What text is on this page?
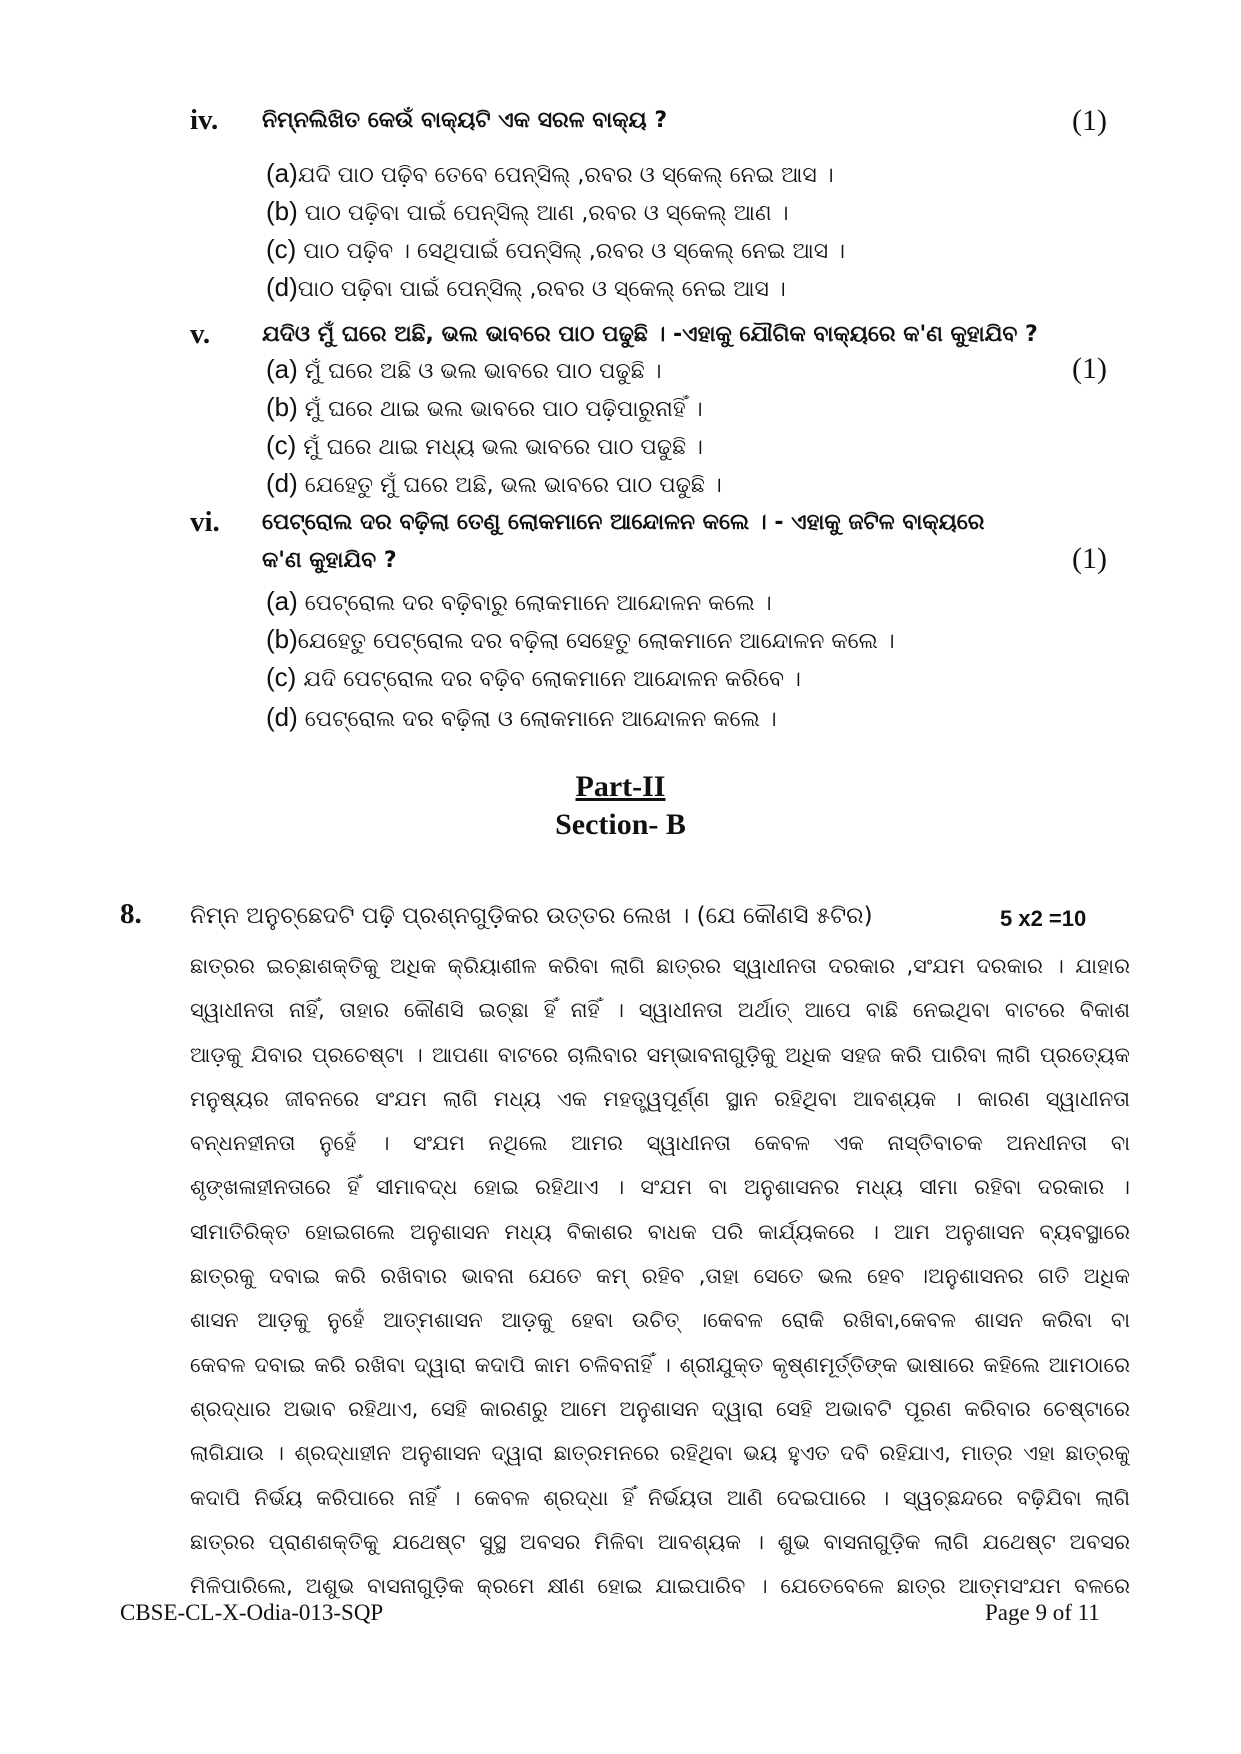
iv. ନିମ୍ନଲିଖିତ କେଉଁ ବାକ୍ୟଟି ଏକ ସରଳ ବାକ୍ୟ ?	(1)
(a)ଯଦି ପାଠ ପଢ଼ିବ ତେବେ ପେନ୍ସିଲ୍ ,ରବର ଓ ସ୍କେଲ୍ ନେଇ ଆସ ।
(b) ପାଠ ପଢ଼ିବା ପାଇଁ ପେନ୍ସିଲ୍ ଆଣ ,ରବର ଓ ସ୍କେଲ୍ ଆଣ ।
(c) ପାଠ ପଢ଼ିବ । ସେଥିପାଇଁ ପେନ୍ସିଲ୍ ,ରବର ଓ ସ୍କେଲ୍ ନେଇ ଆସ ।
(d)ପାଠ ପଢ଼ିବା ପାଇଁ ପେନ୍ସିଲ୍ ,ରବର ଓ ସ୍କେଲ୍ ନେଇ ଆସ ।
v. ଯଦିଓ ମୁଁ ଘରେ ଅଛି, ଭଲ ଭାବରେ ପାଠ ପଢୁଛି । -ଏହାକୁ ଯୌଗିକ ବାକ୍ୟରେ କ'ଣ କୁହାଯିବ ?
(1)
(a) ମୁଁ ଘରେ ଅଛି ଓ ଭଲ ଭାବରେ ପାଠ ପଢୁଛି ।
(b) ମୁଁ ଘରେ ଥାଇ ଭଲ ଭାବରେ ପାଠ ପଢ଼ିପାରୁନାହିଁ ।
(c) ମୁଁ ଘରେ ଥାଇ ମଧ୍ୟ ଭଲ ଭାବରେ ପାଠ ପଢୁଛି ।
(d) ଯେହେତୁ ମୁଁ ଘରେ ଅଛି, ଭଲ ଭାବରେ ପାଠ ପଢୁଛି ।
vi. ପେଟ୍ରୋଲ ଦର ବଢ଼ିଲା ତେଣୁ ଲୋକମାନେ ଆନ୍ଦୋଳନ କଲେ । - ଏହାକୁ ଜଟିଳ ବାକ୍ୟରେ
କ'ଣ କୁହାଯିବ ?	(1)
(a) ପେଟ୍ରୋଲ ଦର ବଢ଼ିବାରୁ ଲୋକମାନେ ଆନ୍ଦୋଳନ କଲେ ।
(b)ଯେହେତୁ ପେଟ୍ରୋଲ ଦର ବଢ଼ିଲା ସେହେତୁ ଲୋକମାନେ ଆନ୍ଦୋଳନ କଲେ ।
(c) ଯଦି ପେଟ୍ରୋଲ ଦର ବଢ଼ିବ ଲୋକମାନେ ଆନ୍ଦୋଳନ କରିବେ ।
(d) ପେଟ୍ରୋଲ ଦର ବଢ଼ିଲା ଓ ଲୋକମାନେ ଆନ୍ଦୋଳନ କଲେ ।
Part-II
Section- B
8. ନିମ୍ନ ଅନୁଚ୍ଛେଦଟି ପଢ଼ି ପ୍ରଶ୍ନଗୁଡ଼ିକର ଉତ୍ତର ଲେଖ । (ଯେ କୌଣସି ୫ଟିର)	5 x2 =10
ଛାତ୍ରର ଇଚ୍ଛାଶକ୍ତିକୁ ଅଧିକ କ୍ରିୟାଶୀଳ କରିବା ଲାଗି ଛାତ୍ରର ସ୍ୱାଧୀନତା ଦରକାର ,ସଂଯମ ଦରକାର । ଯାହାର
ସ୍ୱାଧୀନତା ନାହିଁ, ତାହାର କୌଣସି ଇଚ୍ଛା ହିଁ ନାହିଁ । ସ୍ୱାଧୀନତା ଅର୍ଥାତ୍ ଆପେ ବାଛି ନେଇଥିବା ବାଟରେ ବିକାଶ
ଆଡ଼କୁ ଯିବାର ପ୍ରଚେଷ୍ଟା । ଆପଣା ବାଟରେ ଚାଲିବାର ସମ୍ଭାବନାଗୁଡ଼ିକୁ ଅଧିକ ସହଜ କରି ପାରିବା ଲାଗି ପ୍ରତ୍ୟେକ
ମନୁଷ୍ୟର ଜୀବନରେ ସଂଯମ ଲାଗି ମଧ୍ୟ ଏକ ମହତ୍ତ୍ୱପୂର୍ଣ୍ଣ ସ୍ଥାନ ରହିଥିବା ଆବଶ୍ୟକ । କାରଣ ସ୍ୱାଧୀନତା
ବନ୍ଧନହୀନତା ନୁହେଁ । ସଂଯମ ନଥିଲେ ଆମର ସ୍ୱାଧୀନତା କେବଳ ଏକ ନାସ୍ତିବାଚକ ଅନଧୀନତା ବା
ଶୃଙ୍ଖଳାହୀନତାରେ ହିଁ ସୀମାବଦ୍ଧ ହୋଇ ରହିଥାଏ । ସଂଯମ ବା ଅନୁଶାସନର ମଧ୍ୟ ସୀମା ରହିବା ଦରକାର ।
ସୀମାତିରିକ୍ତ ହୋଇଗଲେ ଅନୁଶାସନ ମଧ୍ୟ ବିକାଶର ବାଧକ ପରି କାର୍ଯ୍ୟକରେ । ଆମ ଅନୁଶାସନ ବ୍ୟବସ୍ଥାରେ
ଛାତ୍ରକୁ ଦବାଇ କରି ରଖିବାର ଭାବନା ଯେତେ କମ୍ ରହିବ ,ତାହା ସେତେ ଭଲ ହେବ ।ଅନୁଶାସନର ଗତି ଅଧିକ
ଶାସନ ଆଡ଼କୁ ନୁହେଁ ଆତ୍ମଶାସନ ଆଡ଼କୁ ହେବା ଉଚିତ୍ ।କେବଳ ରୋକି ରଖିବା,କେବଳ ଶାସନ କରିବା ବା
କେବଳ ଦବାଇ କରି ରଖିବା ଦ୍ୱାରା କଦାପି କାମ ଚଳିବନାହିଁ । ଶ୍ରୀଯୁକ୍ତ କୃଷ୍ଣମୂର୍ତ୍ତିଙ୍କ ଭାଷାରେ କହିଲେ ଆମଠାରେ
ଶ୍ରଦ୍ଧାର ଅଭାବ ରହିଥାଏ, ସେହି କାରଣରୁ ଆମେ ଅନୁଶାସନ ଦ୍ୱାରା ସେହି ଅଭାବଟି ପୂରଣ କରିବାର ଚେଷ୍ଟାରେ
ଲାଗିଯାଉ । ଶ୍ରଦ୍ଧାହୀନ ଅନୁଶାସନ ଦ୍ୱାରା ଛାତ୍ରମନରେ ରହିଥିବା ଭୟ ହୁଏତ ଦବି ରହିଯାଏ, ମାତ୍ର ଏହା ଛାତ୍ରକୁ
କଦାପି ନିର୍ଭୟ କରିପାରେ ନାହିଁ । କେବଳ ଶ୍ରଦ୍ଧା ହିଁ ନିର୍ଭୟତା ଆଣି ଦେଇପାରେ । ସ୍ୱଚ୍ଛନ୍ଦରେ ବଢ଼ିଯିବା ଲାଗି
ଛାତ୍ରର ପ୍ରାଣଶକ୍ତିକୁ ଯଥେଷ୍ଟ ସୁସ୍ଥ ଅବସର ମିଳିବା ଆବଶ୍ୟକ । ଶୁଭ ବାସନାଗୁଡ଼ିକ ଲାଗି ଯଥେଷ୍ଟ ଅବସର
ମିଳିପାରିଲେ, ଅଶୁଭ ବାସନାଗୁଡ଼ିକ କ୍ରମେ କ୍ଷୀଣ ହୋଇ ଯାଇପାରିବ । ଯେତେବେଳେ ଛାତ୍ର ଆତ୍ମସଂଯମ ବଳରେ
CBSE-CL-X-Odia-013-SQP	Page 9 of 11
